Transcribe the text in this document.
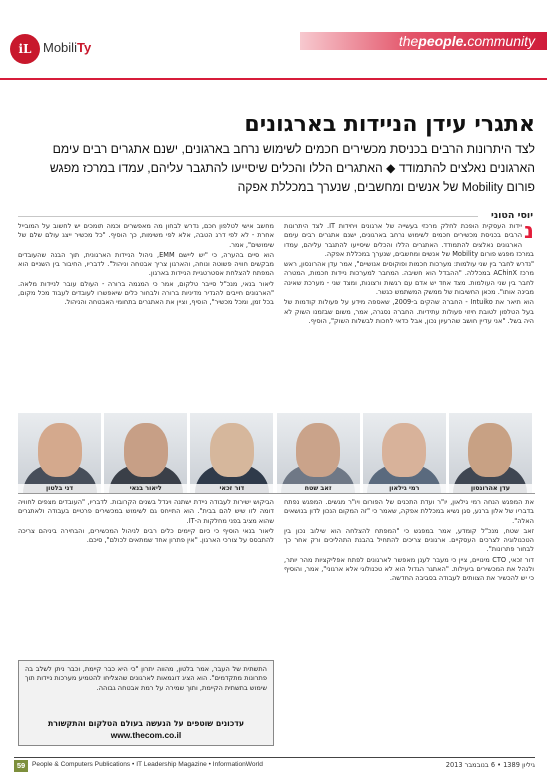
iL MobiliTy	thepeople.community
אתגרי עידן הניידות בארגונים
לצד היתרונות הרבים בכניסת מכשירים חכמים לשימוש נרחב בארגונים, ישנם אתגרים רבים עימם הארגונים נאלצים להתמודד ◆ האתגרים הללו והכלים שיסייעו להתגבר עליהם, עמדו במרכז מפגש פורום Mobility של אנשים ומחשבים, שנערך במכללת אפקה
יוסי הטוני

נ
יידות העסקית הופכת לחלק מרכזי בעשייה של ארגונים ויחידות IT. לצד היתרונות הרבים בכניסת מכשירים חכמים לשימוש נרחב בארגונים, ישנם אתגרים רבים עימם הארגונים נאלצים להתמודד. האתגרים הללו והכלים שיסייעו להתגבר עליהם, עמדו במרכז מפגש פורום Mobility של אנשים ומחשבים, שנערך במכללת אפקה.

"נדרש לחבר בין שני עולמות: מערכות חכמות ופוקוסים אנושיים", אמר עדן אהרונסון, ראש מרכז AChinX במכללה. "ההבדל הוא חשיבה. המחבר למערכות ניידות חכמות, המטרה לחבר בין שני העולמות. מצד אחד יש אדם עם רגשות ורצונות, ומצד שני - מערכת שאינה מבינה אותו". מכאן החשיבות של ממשק המשתמש כגשר.

הוא תיאר את Intuiko - החברה שהקים ב-2009, שאספה מידע על פעולות קודמות של בעל הטלפון לטובת חיזוי פעולות עתידיות. החברה נסגרה, אמר, משום שבזמנו השוק לא היה בשל. "אני עדיין חושב שהרעיון נכון, אבל כדאי לחכות לבשלות השוק", הוסיף.

מחשב אישי לטלפון חכם, נדרש לבחון מה מאפשרים וכמה תומכים יש לחשוב על המובייל אחרת - לא לפי דרג הטבה, אלא לפי משימות, כך הוסיף. "כל מכשיר ייצג עולם שלם של שימושים", אמר.

הוא סיים בהערה, כי "יש ליישם EMM, ניהול הניידות הארגונית, תוך הבנה שהעובדים מבקשים חוויה פשוטה ונוחה, והארגון צריך אבטחה וניהול". לדבריו, החיבור בין השניים הוא המפתח להצלחת אסטרטגיית הניידות בארגון.

ליאור בנאי, מנכ"ל סייבר טלקום, אמר כי המגמה ברורה - העולם עובר לניידות מלאה. "הארגונים חייבים להגדיר מדיניות ברורה ולבחור כלים שיאפשרו לעובדים לעבוד מכל מקום, בכל זמן, ומכל מכשיר", הוסיף, וציין את האתגרים בתחומי האבטחה והניהול.

עדן אהרונסון
רמי גילאון
זאב שטח
דור זכאי
ליאור בנאי
דני בלטון

את המפגש הנחה רמי גילאון, יו"ר ועדת התכנים של הפורום ויו"ר מגשים. המפגש נפתח בדבריו של אלון ברנע, סגן נשיא במכללת אפקה, שאמר כי "זה המקום הנכון לדון בנושאים האלה".

זאב שטח, מנכ"ל קומדע, אמר במפגש כי "המפתח להצלחה הוא שילוב נכון בין הטכנולוגיה לצרכים העסקיים. ארגונים צריכים להתחיל בהבנת התהליכים ורק אחר כך לבחור פתרונות".

דור זכאי, CTO מינויים, ציין כי מעבר לענן מאפשר לארגונים לפתח אפליקציות מהר יותר, ולנהל את המכשירים ביעילות. "האתגר הגדול הוא לא טכנולוגי אלא ארגוני", אמר, והוסיף כי יש להכשיר את הצוותים לעבודה בסביבה החדשה.

הביקוש ישירות לעבודה ניידת ישתנה ויגדל בשנים הקרובות. לדבריו, "העובדים מצפים לחוויה דומה לזו שיש להם בבית". הוא התייחס גם לשימוש במכשירים פרטיים בעבודה ולאתגרים שהוא מציב בפני מחלקות ה-IT.

ליאור בנאי הוסיף כי כיום קיימים כלים רבים לניהול המכשירים, והבחירה ביניהם צריכה להתבסס על צורכי הארגון. "אין פתרון אחד שמתאים לכולם", סיכם.

התשתית של העבר, אמר בלטון, מהווה יתרון "כי היא כבר קיימת, וכבר ניתן לשלב בה פתרונות מתקדמים". הוא הציג דוגמאות לארגונים שהצליחו להטמיע מערכות ניידות תוך שימוש בתשתית הקיימת, ותוך שמירה על רמת אבטחה גבוהה.
עדכונים שוטפים על הנעשה בעולם הטלקום והתקשורת
www.thecom.co.il
59	People & Computers Publications • IT Leadership Magazine • InformationWorld	גיליון 1389 • 6 בנובמבר 2013
